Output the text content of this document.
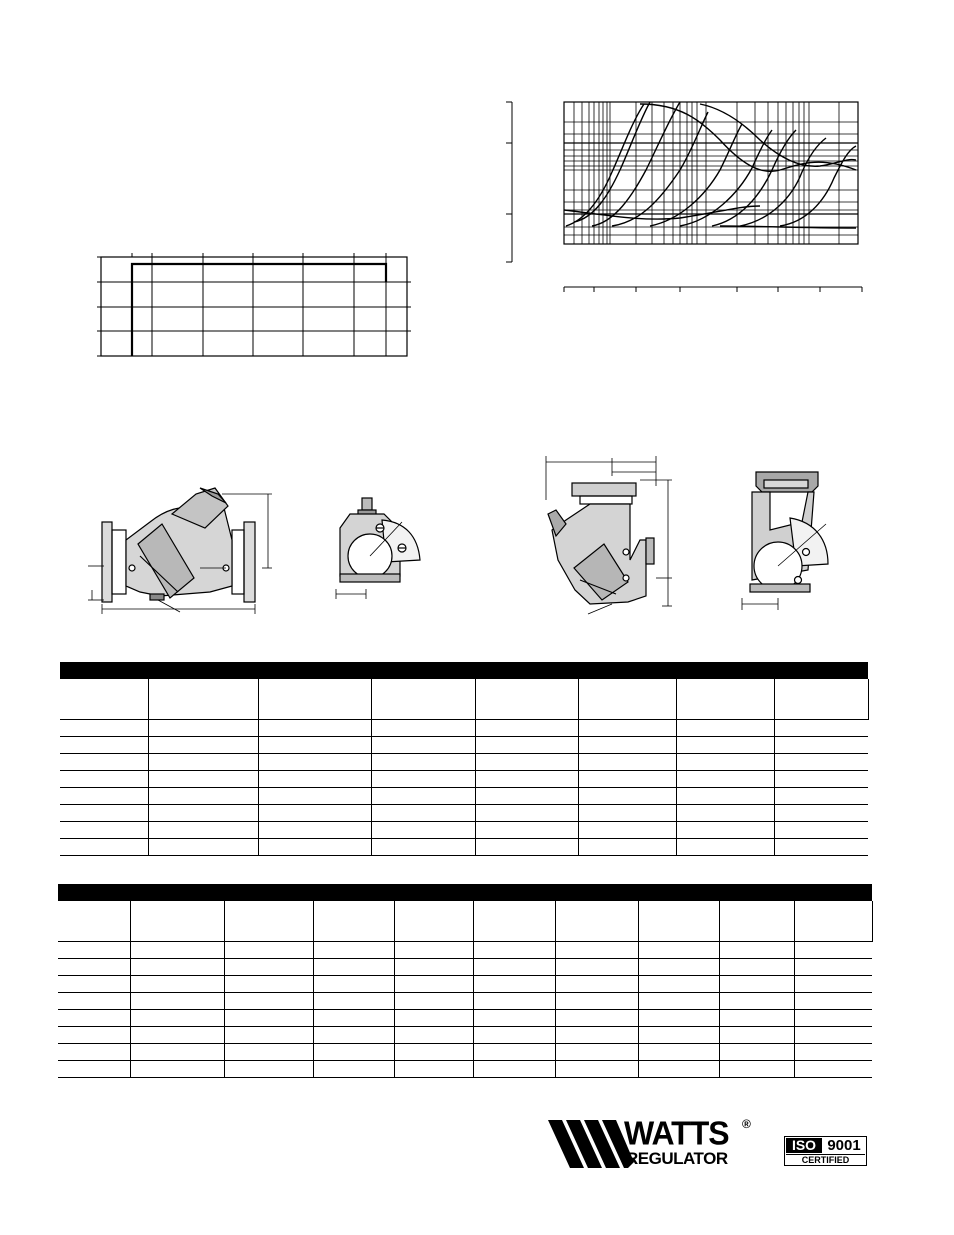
WATTS ®
REGULATOR
ISO 9001
CERTIFIED
